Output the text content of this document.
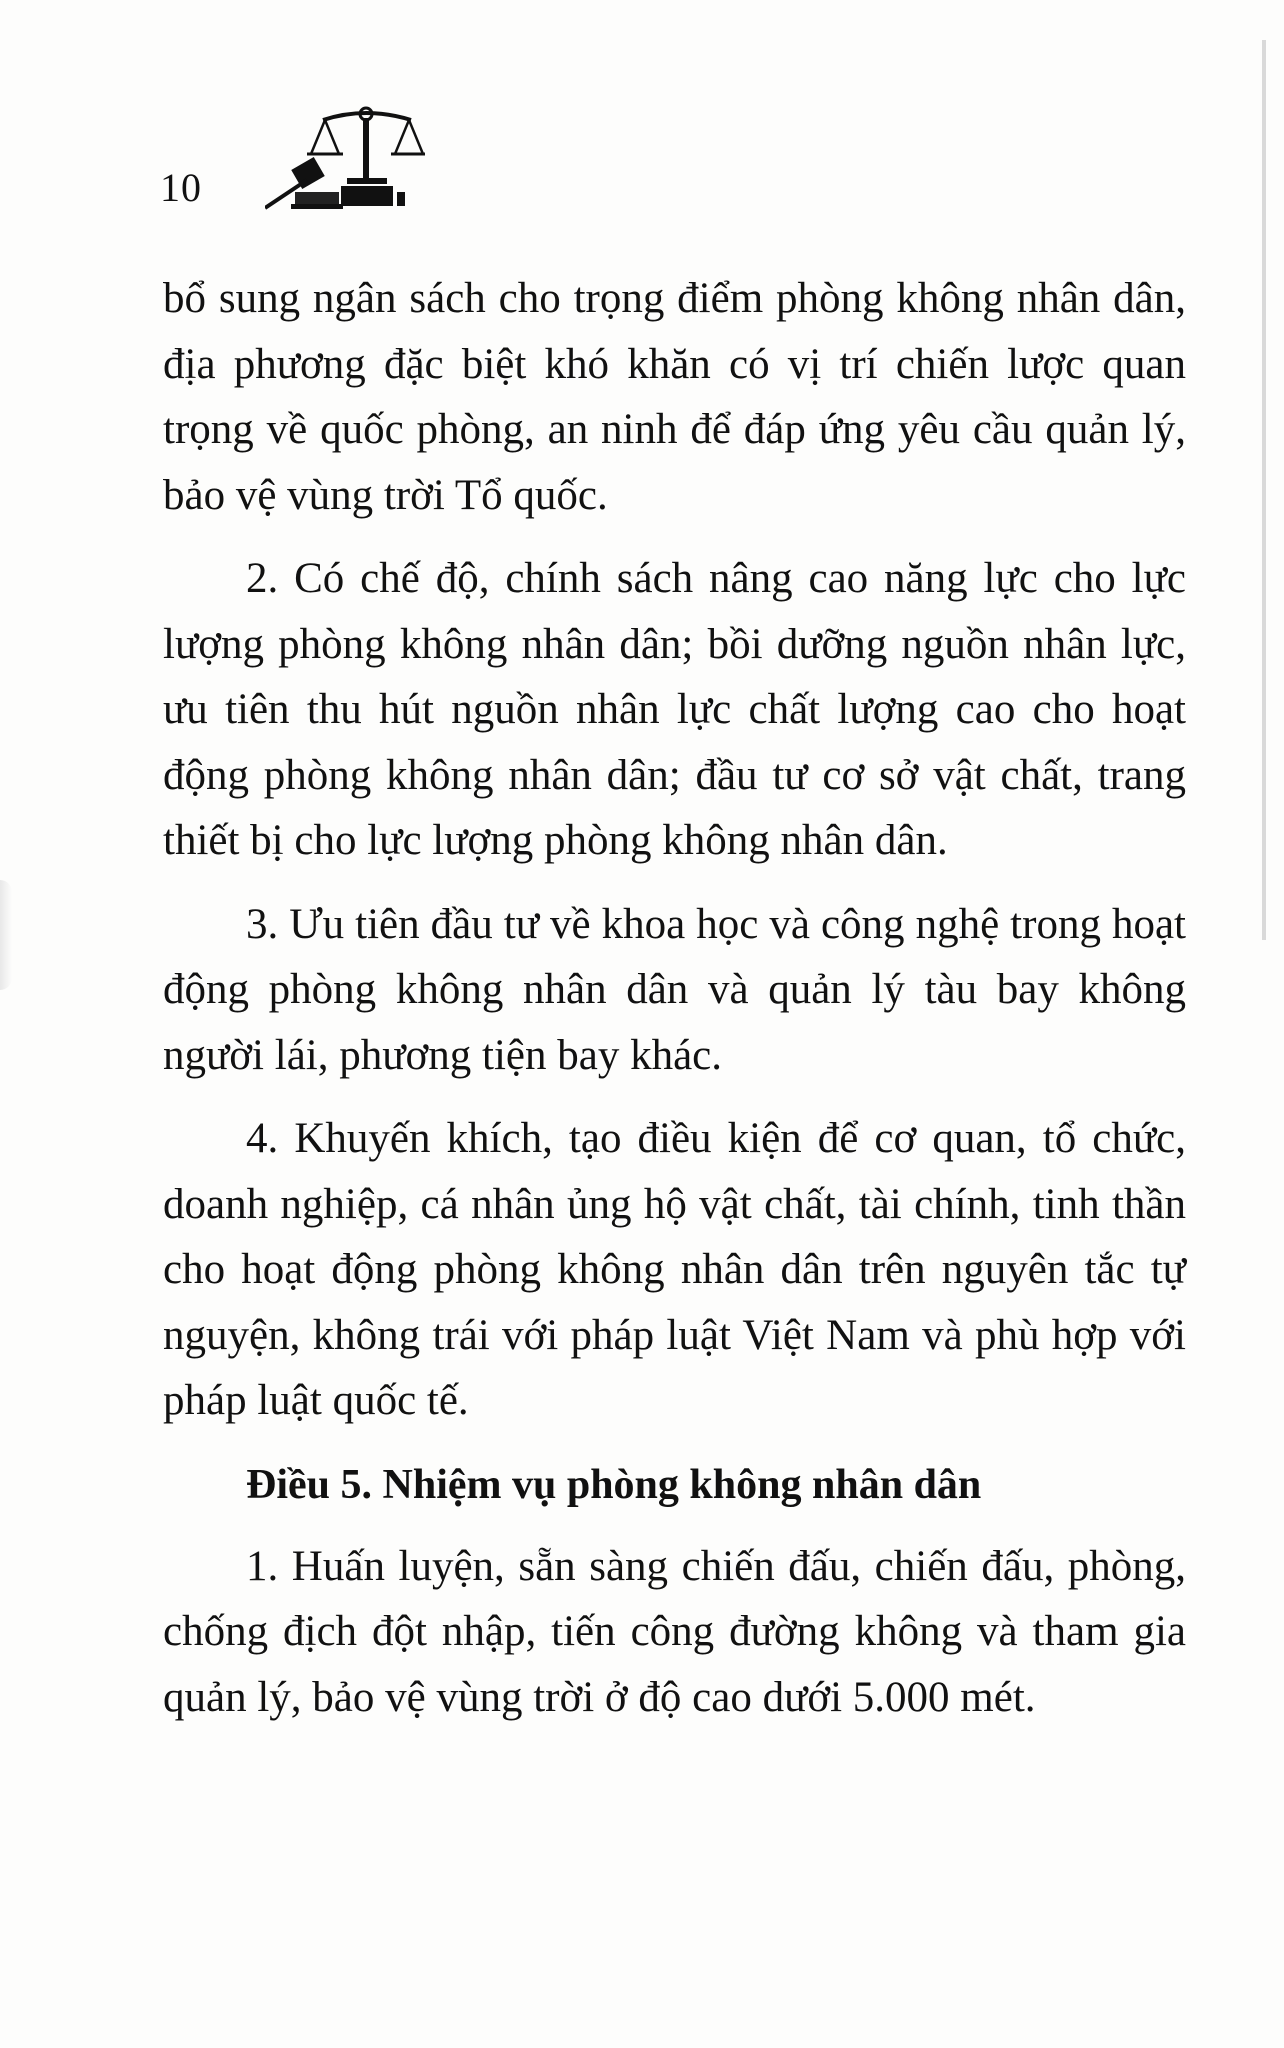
10

bổ sung ngân sách cho trọng điểm phòng không nhân dân, địa phương đặc biệt khó khăn có vị trí chiến lược quan trọng về quốc phòng, an ninh để đáp ứng yêu cầu quản lý, bảo vệ vùng trời Tổ quốc.

2. Có chế độ, chính sách nâng cao năng lực cho lực lượng phòng không nhân dân; bồi dưỡng nguồn nhân lực, ưu tiên thu hút nguồn nhân lực chất lượng cao cho hoạt động phòng không nhân dân; đầu tư cơ sở vật chất, trang thiết bị cho lực lượng phòng không nhân dân.

3. Ưu tiên đầu tư về khoa học và công nghệ trong hoạt động phòng không nhân dân và quản lý tàu bay không người lái, phương tiện bay khác.

4. Khuyến khích, tạo điều kiện để cơ quan, tổ chức, doanh nghiệp, cá nhân ủng hộ vật chất, tài chính, tinh thần cho hoạt động phòng không nhân dân trên nguyên tắc tự nguyện, không trái với pháp luật Việt Nam và phù hợp với pháp luật quốc tế.

Điều 5. Nhiệm vụ phòng không nhân dân

1. Huấn luyện, sẵn sàng chiến đấu, chiến đấu, phòng, chống địch đột nhập, tiến công đường không và tham gia quản lý, bảo vệ vùng trời ở độ cao dưới 5.000 mét.
